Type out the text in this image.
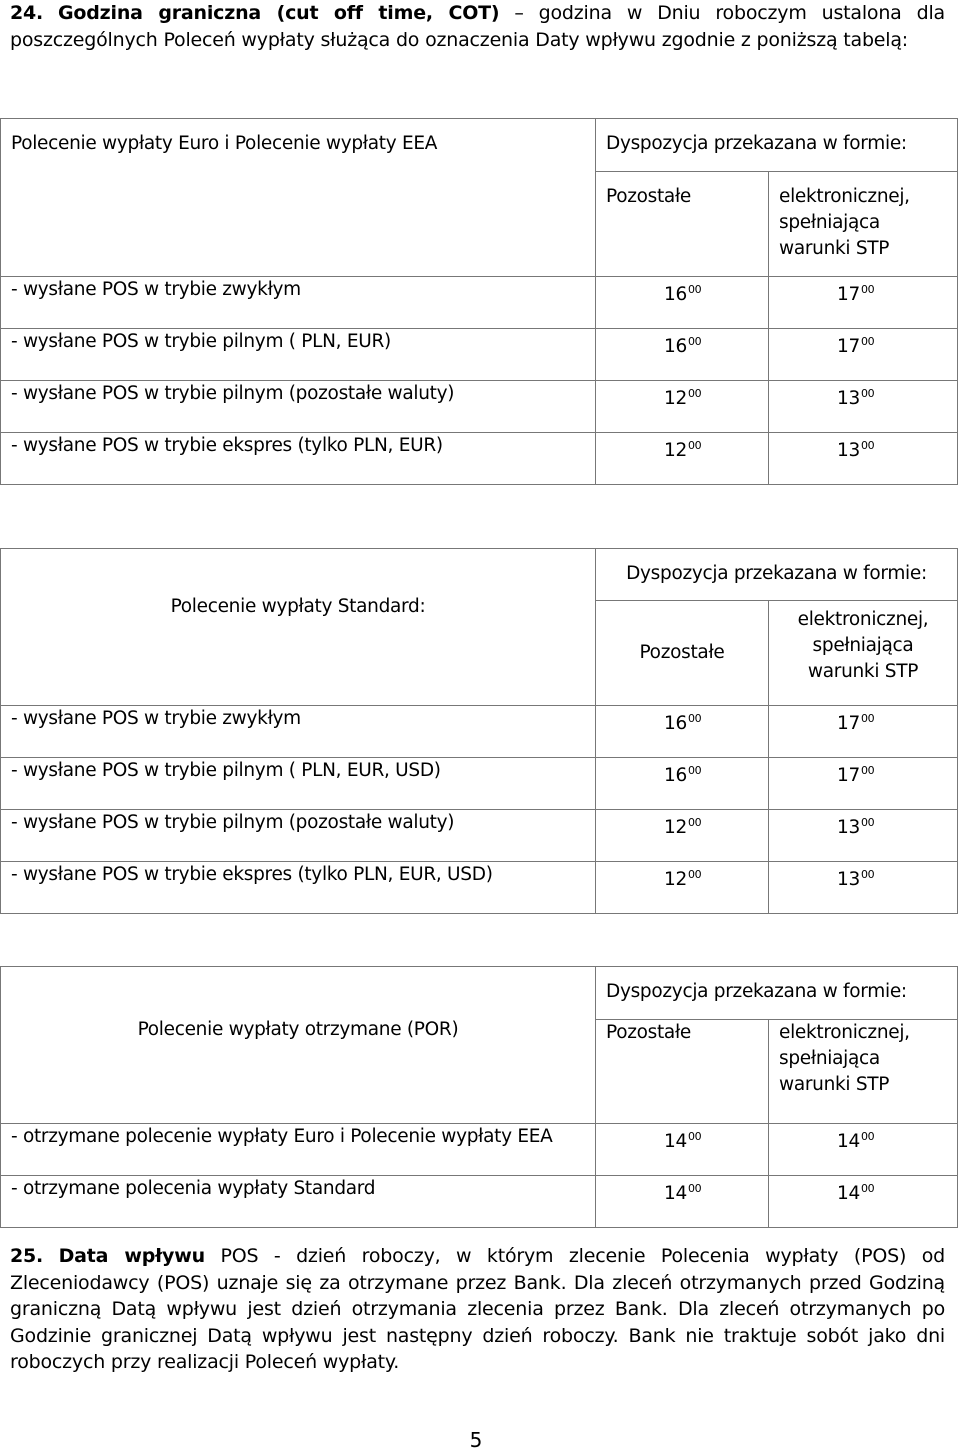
24. Godzina graniczna (cut off time, COT) – godzina w Dniu roboczym ustalona dla poszczególnych Poleceń wypłaty służąca do oznaczenia Daty wpływu zgodnie z poniższą tabelą:
Polecenie wypłaty Euro i Polecenie wypłaty EEA	Dyspozycja przekazana w formie:	
	Pozostałe	elektronicznej, spełniająca warunki STP
- wysłane POS w trybie zwykłym	$16^{00}$	$17^{00}$
- wysłane POS w trybie pilnym ( PLN, EUR)	$16^{00}$	$17^{00}$
- wysłane POS w trybie pilnym (pozostałe waluty)	$12^{00}$	$13^{00}$
- wysłane POS w trybie ekspres (tylko PLN, EUR)	$12^{00}$	$13^{00}$
Polecenie wypłaty Standard:	Dyspozycja przekazana w formie:	
	Pozostałe	elektronicznej, spełniająca warunki STP
- wysłane POS w trybie zwykłym	$16^{00}$	$17^{00}$
- wysłane POS w trybie pilnym ( PLN, EUR, USD)	$16^{00}$	$17^{00}$
- wysłane POS w trybie pilnym (pozostałe waluty)	$12^{00}$	$13^{00}$
- wysłane POS w trybie ekspres (tylko PLN, EUR, USD)	$12^{00}$	$13^{00}$
Polecenie wypłaty otrzymane (POR)	Dyspozycja przekazana w formie:	
	Pozostałe	elektronicznej, spełniająca warunki STP
- otrzymane polecenie wypłaty Euro i Polecenie wypłaty EEA	$14^{00}$	$14^{00}$
- otrzymane polecenia wypłaty Standard	$14^{00}$	$14^{00}$
25. Data wpływu POS - dzień roboczy, w którym zlecenie Polecenia wypłaty (POS) od Zleceniodawcy (POS) uznaje się za otrzymane przez Bank. Dla zleceń otrzymanych przed Godziną graniczną Datą wpływu jest dzień otrzymania zlecenia przez Bank. Dla zleceń otrzymanych po Godzinie granicznej Datą wpływu jest następny dzień roboczy. Bank nie traktuje sobót jako dni roboczych przy realizacji Poleceń wypłaty.
5
